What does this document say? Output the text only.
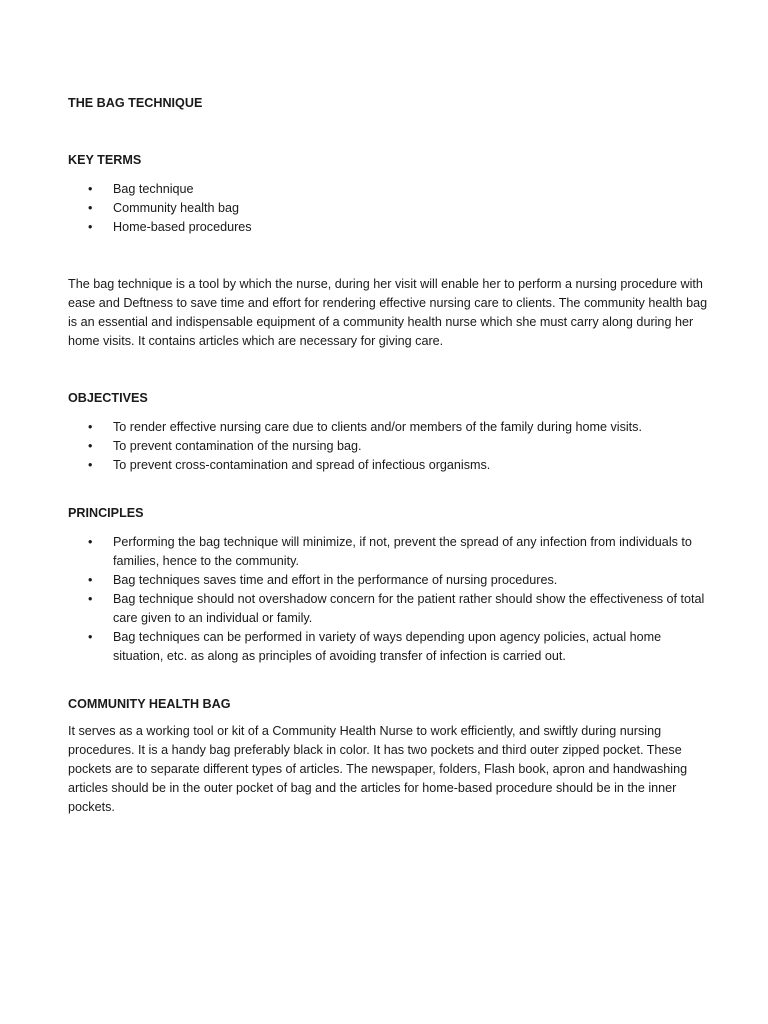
THE BAG TECHNIQUE
KEY TERMS
• Bag technique
• Community health bag
• Home-based procedures

The bag technique is a tool by which the nurse, during her visit will enable her to perform a nursing procedure with ease and Deftness to save time and effort for rendering effective nursing care to clients. The community health bag is an essential and indispensable equipment of a community health nurse which she must carry along during her home visits. It contains articles which are necessary for giving care.

OBJECTIVES
• To render effective nursing care due to clients and/or members of the family during home visits.
• To prevent contamination of the nursing bag.
• To prevent cross-contamination and spread of infectious organisms.
PRINCIPLES
• Performing the bag technique will minimize, if not, prevent the spread of any infection from individuals to families, hence to the community.
• Bag techniques saves time and effort in the performance of nursing procedures.
• Bag technique should not overshadow concern for the patient rather should show the effectiveness of total care given to an individual or family.
• Bag techniques can be performed in variety of ways depending upon agency policies, actual home situation, etc. as along as principles of avoiding transfer of infection is carried out.
COMMUNITY HEALTH BAG

It serves as a working tool or kit of a Community Health Nurse to work efficiently, and swiftly during nursing procedures. It is a handy bag preferably black in color. It has two pockets and third outer zipped pocket. These pockets are to separate different types of articles. The newspaper, folders, Flash book, apron and handwashing articles should be in the outer pocket of bag and the articles for home-based procedure should be in the inner pockets.
